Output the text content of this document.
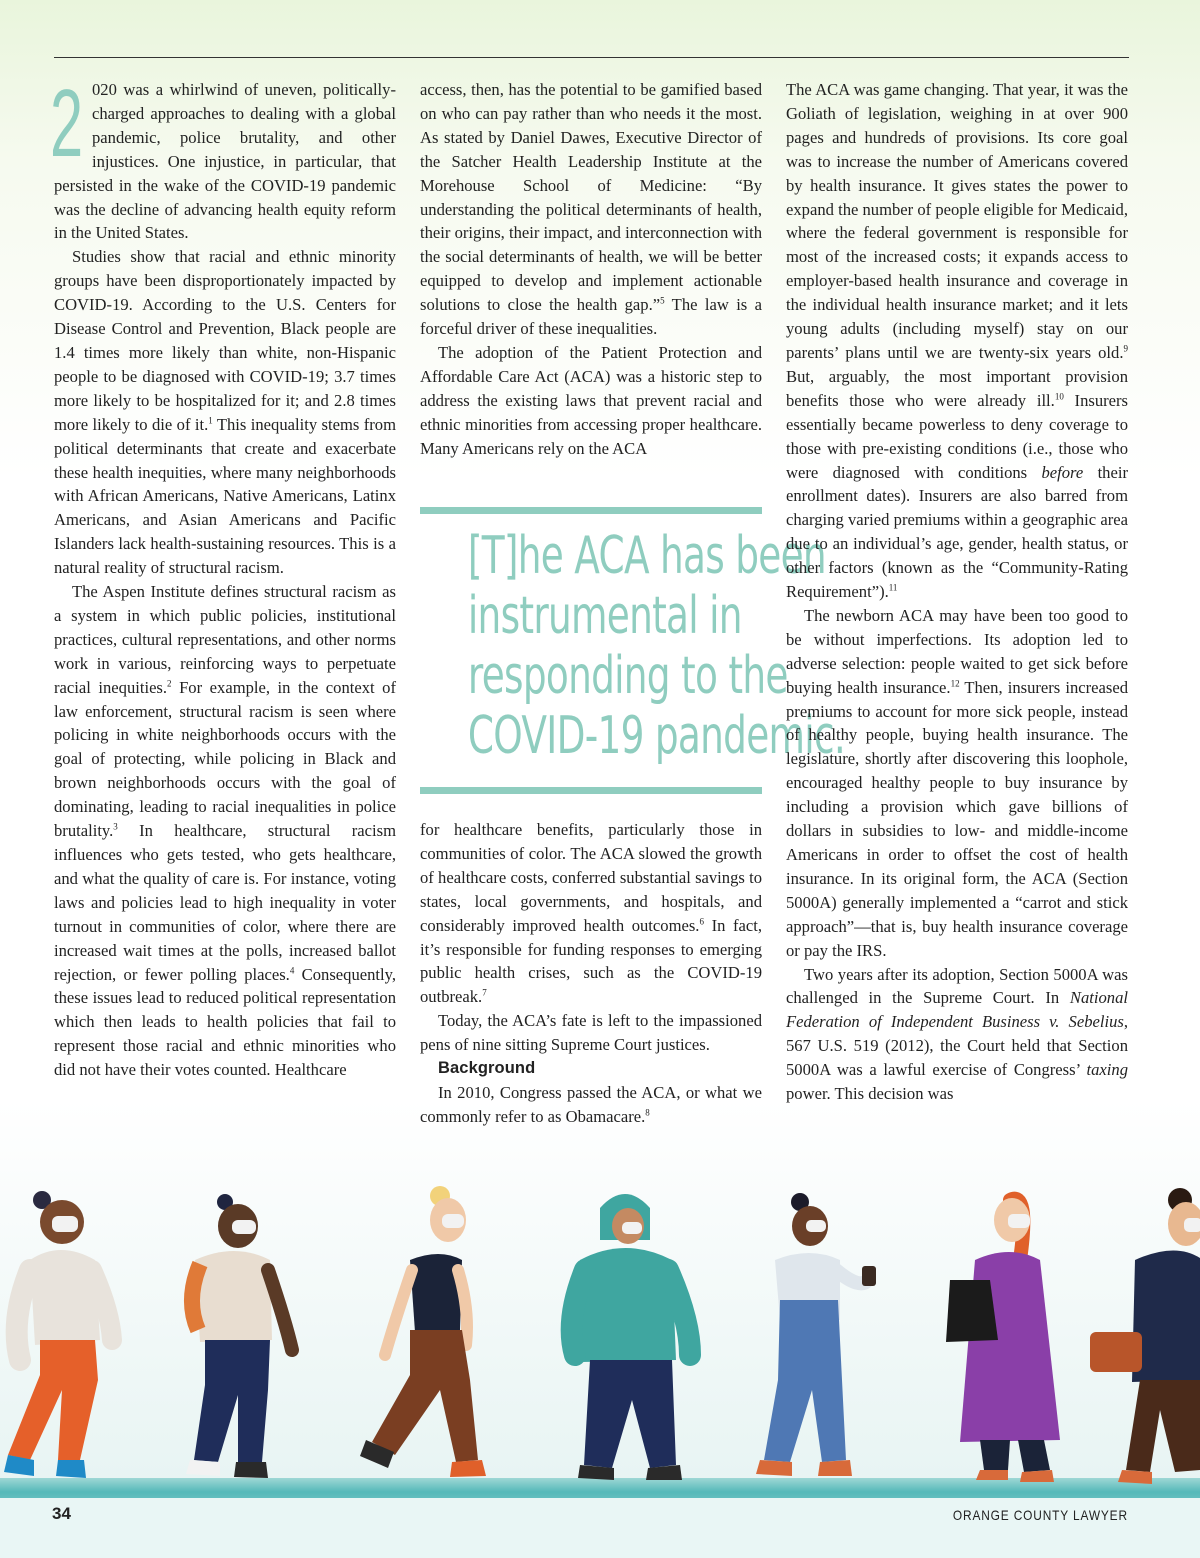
2 020 was a whirlwind of uneven, politically-charged approaches to dealing with a global pandemic, police brutality, and other injustices. One injustice, in particular, that persisted in the wake of the COVID-19 pandemic was the decline of advancing health equity reform in the United States.

Studies show that racial and ethnic minority groups have been disproportionately impacted by COVID-19. According to the U.S. Centers for Disease Control and Prevention, Black people are 1.4 times more likely than white, non-Hispanic people to be diagnosed with COVID-19; 3.7 times more likely to be hospitalized for it; and 2.8 times more likely to die of it.$^1$ This inequality stems from political determinants that create and exacerbate these health inequities, where many neighborhoods with African Americans, Native Americans, Latinx Americans, and Asian Americans and Pacific Islanders lack health-sustaining resources. This is a natural reality of structural racism.

The Aspen Institute defines structural racism as a system in which public policies, institutional practices, cultural representations, and other norms work in various, reinforcing ways to perpetuate racial inequities.$^2$ For example, in the context of law enforcement, structural racism is seen where policing in white neighborhoods occurs with the goal of protecting, while policing in Black and brown neighborhoods occurs with the goal of dominating, leading to racial inequalities in police brutality.$^3$ In healthcare, structural racism influences who gets tested, who gets healthcare, and what the quality of care is. For instance, voting laws and policies lead to high inequality in voter turnout in communities of color, where there are increased wait times at the polls, increased ballot rejection, or fewer polling places.$^4$ Consequently, these issues lead to reduced political representation which then leads to health policies that fail to represent those racial and ethnic minorities who did not have their votes counted. Healthcare

access, then, has the potential to be gamified based on who can pay rather than who needs it the most. As stated by Daniel Dawes, Executive Director of the Satcher Health Leadership Institute at the Morehouse School of Medicine: “By understanding the political determinants of health, their origins, their impact, and interconnection with the social determinants of health, we will be better equipped to develop and implement actionable solutions to close the health gap.”$^5$ The law is a forceful driver of these inequalities.

The adoption of the Patient Protection and Affordable Care Act (ACA) was a historic step to address the existing laws that prevent racial and ethnic minorities from accessing proper healthcare. Many Americans rely on the ACA

[T]he ACA has been
instrumental in
responding to the
COVID-19 pandemic.

for healthcare benefits, particularly those in communities of color. The ACA slowed the growth of healthcare costs, conferred substantial savings to states, local governments, and hospitals, and considerably improved health outcomes.$^6$ In fact, it’s responsible for funding responses to emerging public health crises, such as the COVID-19 outbreak.$^7$

Today, the ACA’s fate is left to the impassioned pens of nine sitting Supreme Court justices.

Background

In 2010, Congress passed the ACA, or what we commonly refer to as Obamacare.$^8$

The ACA was game changing. That year, it was the Goliath of legislation, weighing in at over 900 pages and hundreds of provisions. Its core goal was to increase the number of Americans covered by health insurance. It gives states the power to expand the number of people eligible for Medicaid, where the federal government is responsible for most of the increased costs; it expands access to employer-based health insurance and coverage in the individual health insurance market; and it lets young adults (including myself) stay on our parents’ plans until we are twenty-six years old.$^9$ But, arguably, the most important provision benefits those who were already ill.$^{10}$ Insurers essentially became powerless to deny coverage to those with pre-existing conditions (i.e., those who were diagnosed with conditions before their enrollment dates). Insurers are also barred from charging varied premiums within a geographic area due to an individual’s age, gender, health status, or other factors (known as the “Community-Rating Requirement”).$^{11}$

The newborn ACA may have been too good to be without imperfections. Its adoption led to adverse selection: people waited to get sick before buying health insurance.$^{12}$ Then, insurers increased premiums to account for more sick people, instead of healthy people, buying health insurance. The legislature, shortly after discovering this loophole, encouraged healthy people to buy insurance by including a provision which gave billions of dollars in subsidies to low- and middle-income Americans in order to offset the cost of health insurance. In its original form, the ACA (Section 5000A) generally implemented a “carrot and stick approach”—that is, buy health insurance coverage or pay the IRS.

Two years after its adoption, Section 5000A was challenged in the Supreme Court. In National Federation of Independent Business v. Sebelius, 567 U.S. 519 (2012), the Court held that Section 5000A was a lawful exercise of Congress’ taxing power. This decision was

34	ORANGE COUNTY LAWYER
